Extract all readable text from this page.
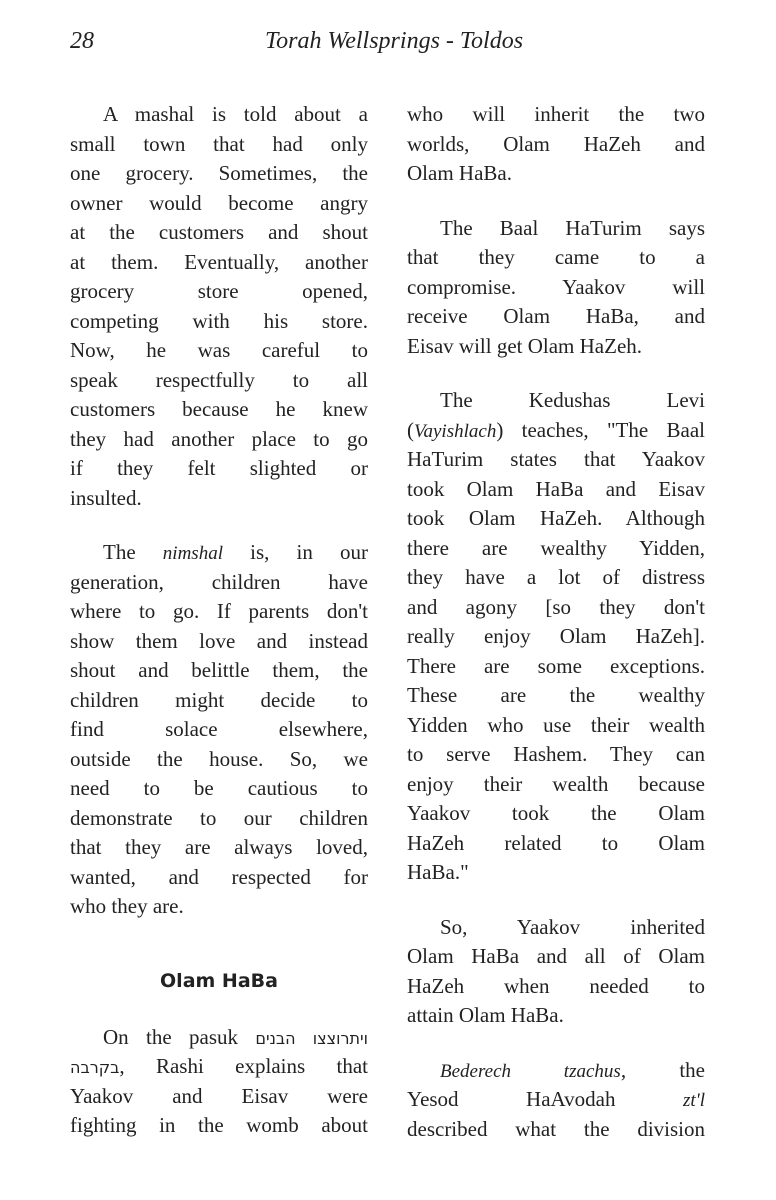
28	Torah Wellsprings - Toldos
A mashal is told about a
small town that had only
one grocery. Sometimes, the
owner would become angry
at the customers and shout
at them. Eventually, another
grocery store opened,
competing with his store.
Now, he was careful to
speak respectfully to all
customers because he knew
they had another place to go
if they felt slighted or
insulted.
The nimshal is, in our
generation, children have
where to go. If parents don't
show them love and instead
shout and belittle them, the
children might decide to
find solace elsewhere,
outside the house. So, we
need to be cautious to
demonstrate to our children
that they are always loved,
wanted, and respected for
who they are.
Olam HaBa
On the pasuk ויתרוצצו הבנים
בקרבה, Rashi explains that
Yaakov and Eisav were
fighting in the womb about
who will inherit the two
worlds, Olam HaZeh and
Olam HaBa.
The Baal HaTurim says
that they came to a
compromise. Yaakov will
receive Olam HaBa, and
Eisav will get Olam HaZeh.
The Kedushas Levi
(Vayishlach) teaches, "The Baal
HaTurim states that Yaakov
took Olam HaBa and Eisav
took Olam HaZeh. Although
there are wealthy Yidden,
they have a lot of distress
and agony [so they don't
really enjoy Olam HaZeh].
There are some exceptions.
These are the wealthy
Yidden who use their wealth
to serve Hashem. They can
enjoy their wealth because
Yaakov took the Olam
HaZeh related to Olam
HaBa."
So, Yaakov inherited
Olam HaBa and all of Olam
HaZeh when needed to
attain Olam HaBa.
Bederech tzachus, the
Yesod HaAvodah zt'l
described what the division
